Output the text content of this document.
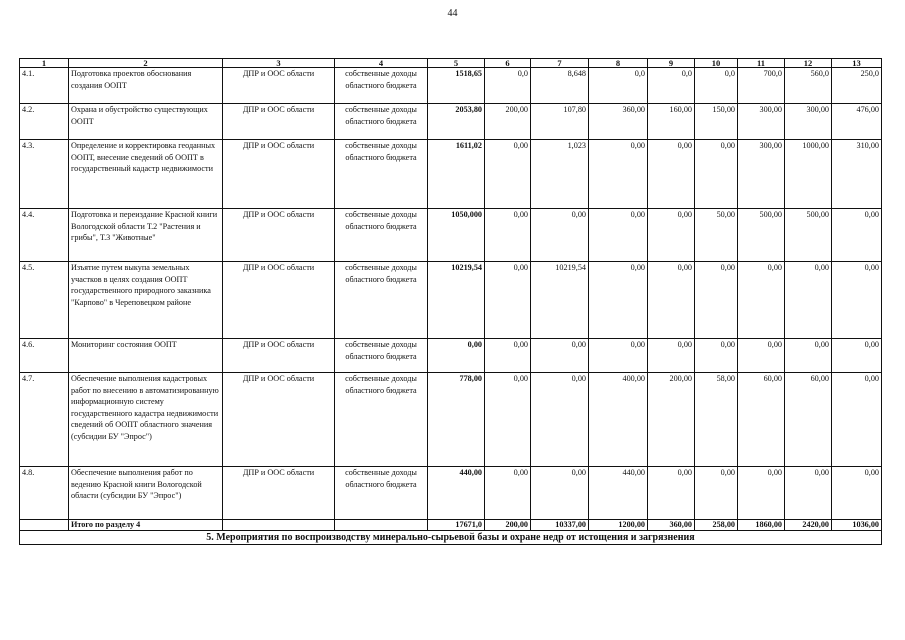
44
1	2	3	4	5	6	7	8	9	10	11	12	13
4.1.	Подготовка проектов обоснования создания ООПТ	ДПР и ООС области	собственные доходы областного бюджета	1518,65	0,0	8,648	0,0	0,0	0,0	700,0	560,0	250,0
4.2.	Охрана и обустройство существующих ООПТ	ДПР и ООС области	собственные доходы областного бюджета	2053,80	200,00	107,80	360,00	160,00	150,00	300,00	300,00	476,00
4.3.	Определение и корректировка геоданных ООПТ, внесение сведений об ООПТ в государственный кадастр недвижимости	ДПР и ООС области	собственные доходы областного бюджета	1611,02	0,00	1,023	0,00	0,00	0,00	300,00	1000,00	310,00
4.4.	Подготовка и переиздание Красной книги Вологодской области Т.2 "Растения и грибы", Т.3 "Животные"	ДПР и ООС области	собственные доходы областного бюджета	1050,000	0,00	0,00	0,00	0,00	50,00	500,00	500,00	0,00
4.5.	Изъятие путем выкупа земельных участков в целях создания ООПТ государственного природного заказника "Карпово" в Череповецком районе	ДПР и ООС области	собственные доходы областного бюджета	10219,54	0,00	10219,54	0,00	0,00	0,00	0,00	0,00	0,00
4.6.	Мониторинг состояния ООПТ	ДПР и ООС области	собственные доходы областного бюджета	0,00	0,00	0,00	0,00	0,00	0,00	0,00	0,00	0,00
4.7.	Обеспечение выполнения кадастровых работ по внесению в автоматизированную информационную систему государственного кадастра недвижимости сведений об ООПТ областного значения (субсидии БУ "Эпрос")	ДПР и ООС области	собственные доходы областного бюджета	778,00	0,00	0,00	400,00	200,00	58,00	60,00	60,00	0,00
4.8.	Обеспечение выполнения работ по ведению Красной книги Вологодской области (субсидии БУ "Эпрос")	ДПР и ООС области	собственные доходы областного бюджета	440,00	0,00	0,00	440,00	0,00	0,00	0,00	0,00	0,00
	Итого по разделу 4			17671,0	200,00	10337,00	1200,00	360,00	258,00	1860,00	2420,00	1036,00
5. Мероприятия по воспроизводству минерально-сырьевой базы и охране недр от истощения и загрязнения												
